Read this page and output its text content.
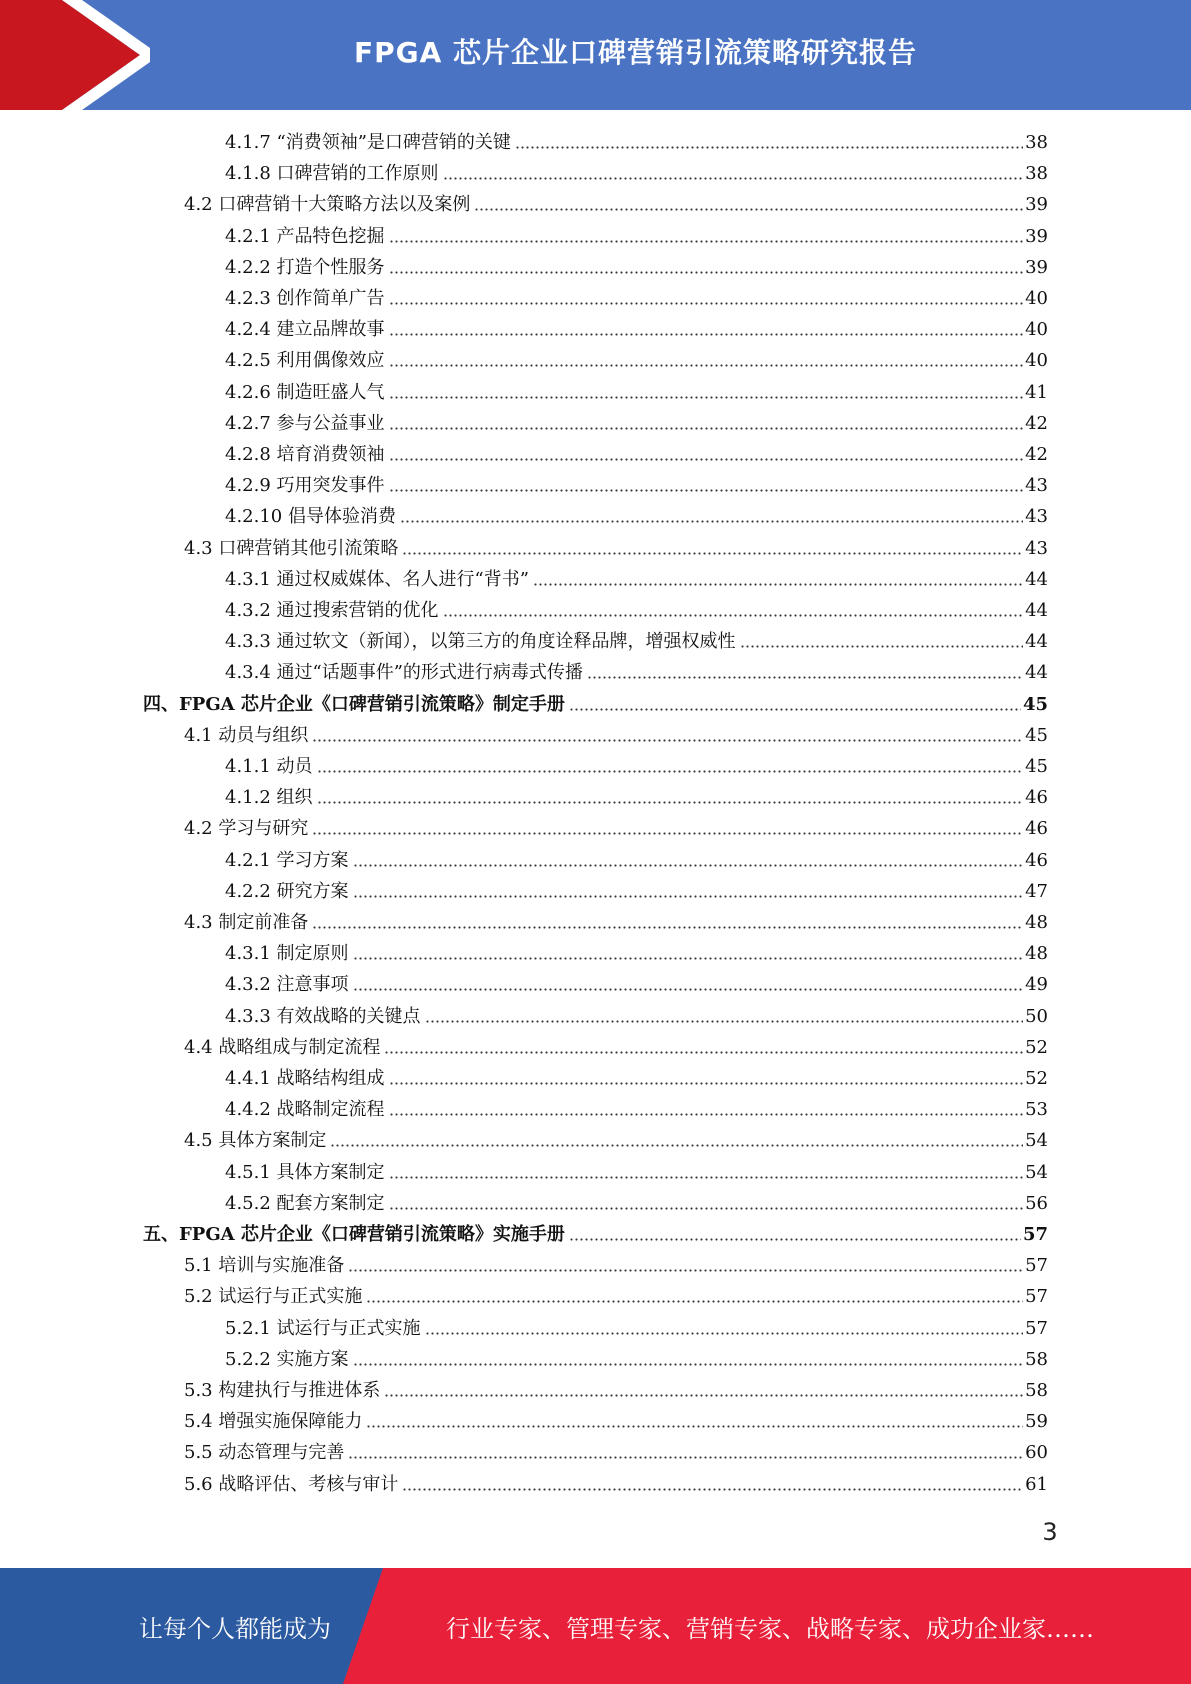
FPGA 芯片企业口碑营销引流策略研究报告
4.1.7 “消费领袖”是口碑营销的关键	38
4.1.8 口碑营销的工作原则	38
4.2 口碑营销十大策略方法以及案例	39
4.2.1 产品特色挖掘	39
4.2.2 打造个性服务	39
4.2.3 创作简单广告	40
4.2.4 建立品牌故事	40
4.2.5 利用偶像效应	40
4.2.6 制造旺盛人气	41
4.2.7 参与公益事业	42
4.2.8 培育消费领袖	42
4.2.9 巧用突发事件	43
4.2.10 倡导体验消费	43
4.3 口碑营销其他引流策略	43
4.3.1 通过权威媒体、名人进行“背书”	44
4.3.2 通过搜索营销的优化	44
4.3.3 通过软文（新闻），以第三方的角度诠释品牌，增强权威性	44
4.3.4 通过“话题事件”的形式进行病毒式传播	44
四、FPGA 芯片企业《口碑营销引流策略》制定手册	45
4.1 动员与组织	45
4.1.1 动员	45
4.1.2 组织	46
4.2 学习与研究	46
4.2.1 学习方案	46
4.2.2 研究方案	47
4.3 制定前准备	48
4.3.1 制定原则	48
4.3.2 注意事项	49
4.3.3 有效战略的关键点	50
4.4 战略组成与制定流程	52
4.4.1 战略结构组成	52
4.4.2 战略制定流程	53
4.5 具体方案制定	54
4.5.1 具体方案制定	54
4.5.2 配套方案制定	56
五、FPGA 芯片企业《口碑营销引流策略》实施手册	57
5.1 培训与实施准备	57
5.2 试运行与正式实施	57
5.2.1 试运行与正式实施	57
5.2.2 实施方案	58
5.3 构建执行与推进体系	58
5.4 增强实施保障能力	59
5.5 动态管理与完善	60
5.6 战略评估、考核与审计	61
3
让每个人都能成为	行业专家、管理专家、营销专家、战略专家、成功企业家……
